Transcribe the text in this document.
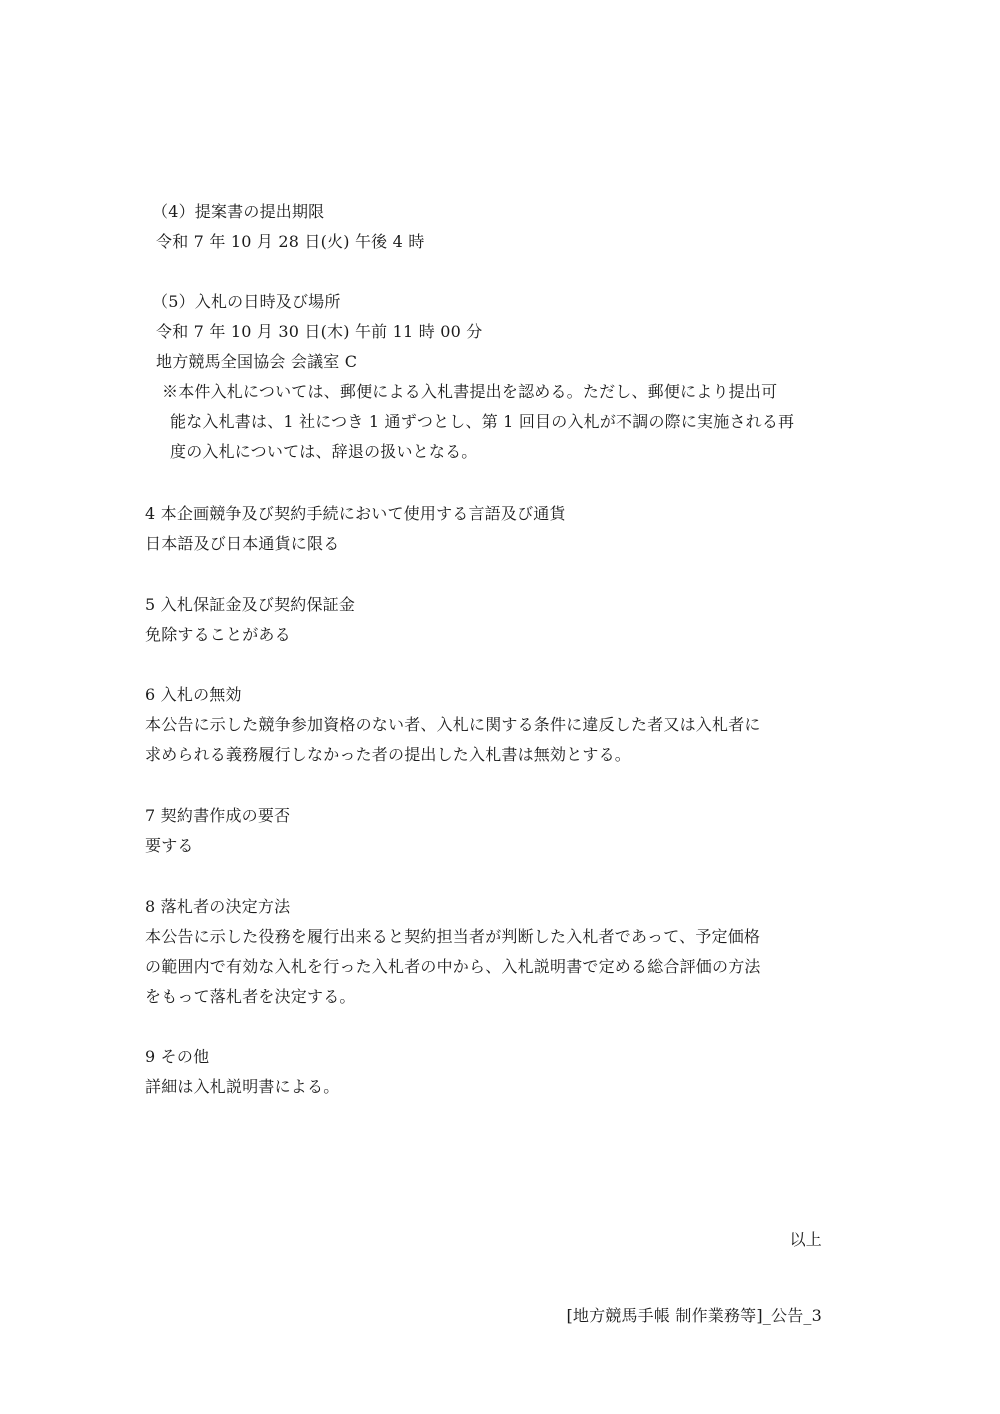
（4）提案書の提出期限
令和 7 年 10 月 28 日(火) 午後 4 時
（5）入札の日時及び場所
令和 7 年 10 月 30 日(木) 午前 11 時 00 分
地方競馬全国協会 会議室 C
※本件入札については、郵便による入札書提出を認める。ただし、郵便により提出可
能な入札書は、1 社につき 1 通ずつとし、第 1 回目の入札が不調の際に実施される再
度の入札については、辞退の扱いとなる。
4 本企画競争及び契約手続において使用する言語及び通貨
日本語及び日本通貨に限る
5 入札保証金及び契約保証金
免除することがある
6 入札の無効
本公告に示した競争参加資格のない者、入札に関する条件に違反した者又は入札者に
求められる義務履行しなかった者の提出した入札書は無効とする。
7 契約書作成の要否
要する
8 落札者の決定方法
本公告に示した役務を履行出来ると契約担当者が判断した入札者であって、予定価格
の範囲内で有効な入札を行った入札者の中から、入札説明書で定める総合評価の方法
をもって落札者を決定する。
9 その他
詳細は入札説明書による。
以上
[地方競馬手帳 制作業務等]_公告_3
